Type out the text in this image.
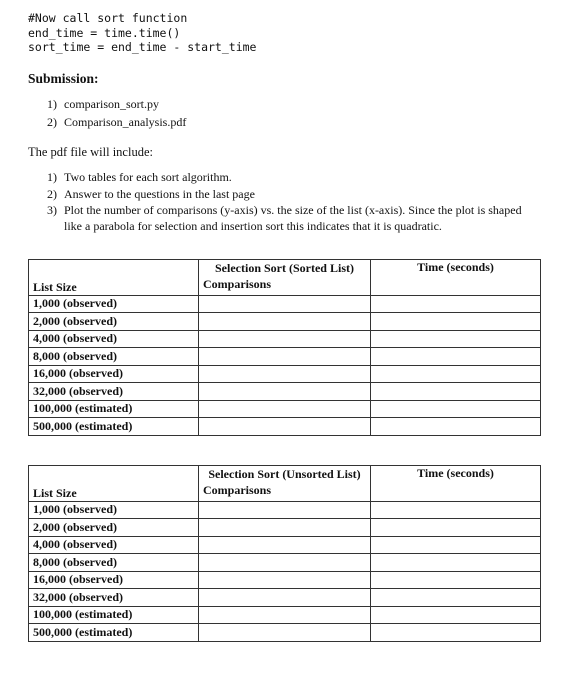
#Now call sort function
end_time = time.time()
sort_time = end_time - start_time
Submission:
1) comparison_sort.py
2) Comparison_analysis.pdf
The pdf file will include:
1) Two tables for each sort algorithm.
2) Answer to the questions in the last page
3) Plot the number of comparisons (y-axis) vs. the size of the list (x-axis). Since the plot is shaped like a parabola for selection and insertion sort this indicates that it is quadratic.
	Selection Sort (Sorted List)	Time (seconds)
List Size	Comparisons	
1,000 (observed)		
2,000 (observed)		
4,000 (observed)		
8,000 (observed)		
16,000 (observed)		
32,000 (observed)		
100,000 (estimated)		
500,000 (estimated)		
	Selection Sort (Unsorted List)	Time (seconds)
List Size	Comparisons	
1,000 (observed)		
2,000 (observed)		
4,000 (observed)		
8,000 (observed)		
16,000 (observed)		
32,000 (observed)		
100,000 (estimated)		
500,000 (estimated)		
